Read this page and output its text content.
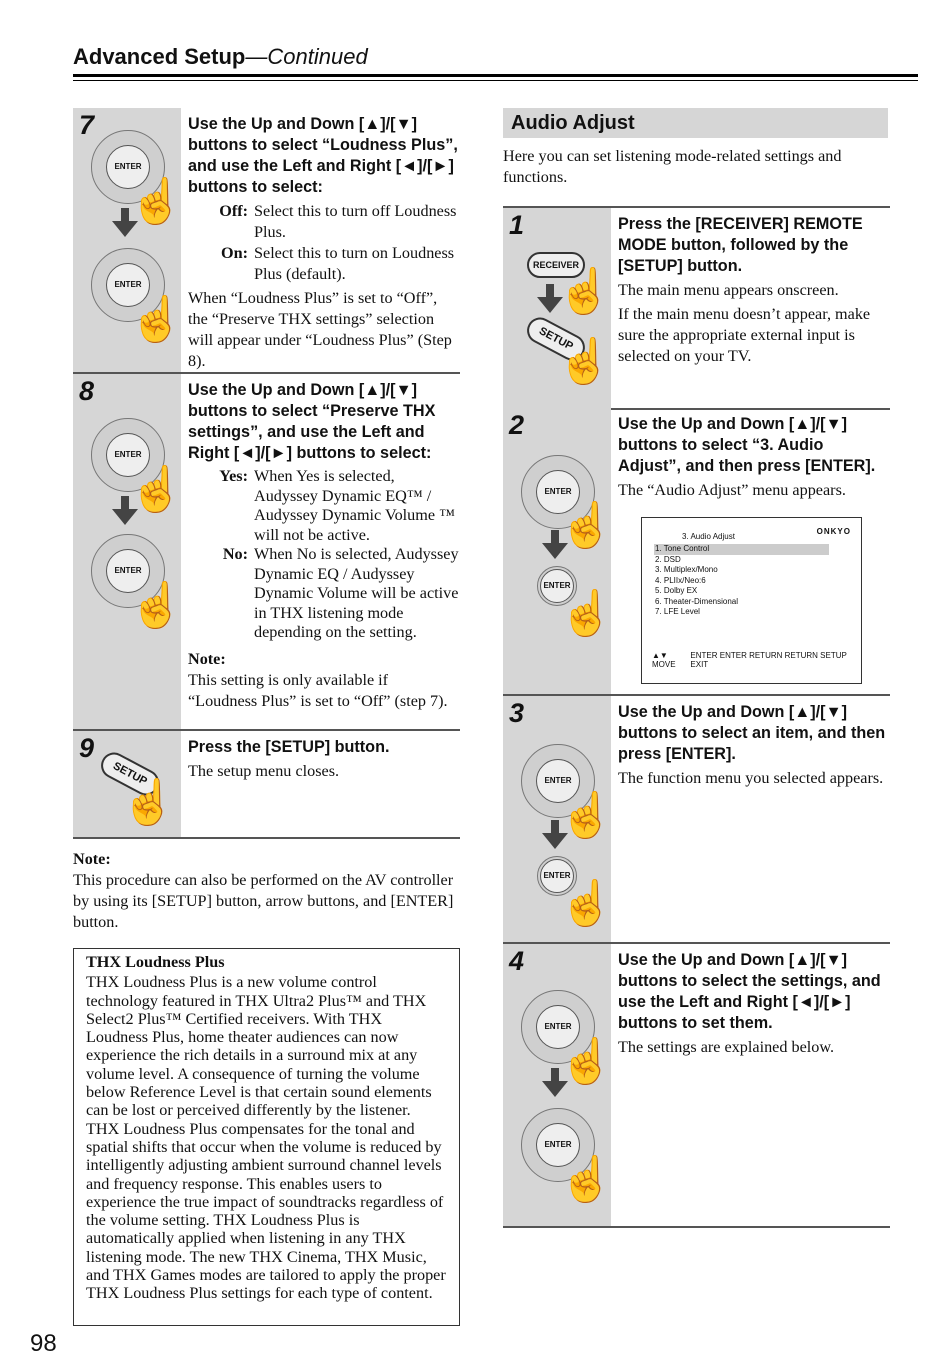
Advanced Setup—Continued
7
ENTER
☝
ENTER
☝

Use the Up and Down [▲]/[▼] buttons to select “Loudness Plus”, and use the Left and Right [◄]/[►] buttons to select:

Off: Select this to turn off Loudness Plus.
On: Select this to turn on Loudness Plus (default).

When “Loudness Plus” is set to “Off”, the “Preserve THX settings” selection will appear under “Loudness Plus” (Step 8).

8
ENTER
☝
ENTER
☝

Use the Up and Down [▲]/[▼] buttons to select “Preserve THX settings”, and use the Left and Right [◄]/[►] buttons to select:

Yes: When Yes is selected, Audyssey Dynamic EQ™ / Audyssey Dynamic Volume ™ will not be active.
No: When No is selected, Audyssey Dynamic EQ / Audyssey Dynamic Volume will be active in THX listening mode depending on the setting.

Note:

This setting is only available if “Loudness Plus” is set to “Off” (step 7).

9
SETUP
☝

Press the [SETUP] button.

The setup menu closes.

Note:
This procedure can also be performed on the AV controller by using its [SETUP] button, arrow buttons, and [ENTER] button.
THX Loudness Plus
THX Loudness Plus is a new volume control technology featured in THX Ultra2 Plus™ and THX Select2 Plus™ Certified receivers. With THX Loudness Plus, home theater audiences can now experience the rich details in a surround mix at any volume level. A consequence of turning the volume below Reference Level is that certain sound elements can be lost or perceived differently by the listener. THX Loudness Plus compensates for the tonal and spatial shifts that occur when the volume is reduced by intelligently adjusting ambient surround channel levels and frequency response. This enables users to experience the true impact of soundtracks regardless of the volume setting. THX Loudness Plus is automatically applied when listening in any THX listening mode. The new THX Cinema, THX Music, and THX Games modes are tailored to apply the proper THX Loudness Plus settings for each type of content.
Audio Adjust
Here you can set listening mode-related settings and functions.
1
RECEIVER
☝
SETUP
☝

Press the [RECEIVER] REMOTE MODE button, followed by the [SETUP] button.

The main menu appears onscreen.

If the main menu doesn’t appear, make sure the appropriate external input is selected on your TV.

2
ENTER
☝
ENTER
☝

Use the Up and Down [▲]/[▼] buttons to select “3. Audio Adjust”, and then press [ENTER].

The “Audio Adjust” menu appears.

3. Audio Adjust
ONKYO
1. Tone Control
2. DSD
3. Multiplex/Mono
4. PLIIx/Neo:6
5. Dolby EX
6. Theater-Dimensional
7. LFE Level
▲▼ MOVE
ENTER ENTER RETURN RETURN SETUP EXIT
3
ENTER
☝
ENTER
☝

Use the Up and Down [▲]/[▼] buttons to select an item, and then press [ENTER].

The function menu you selected appears.

4
ENTER
☝
ENTER
☝

Use the Up and Down [▲]/[▼] buttons to select the settings, and use the Left and Right [◄]/[►] buttons to set them.

The settings are explained below.

98
